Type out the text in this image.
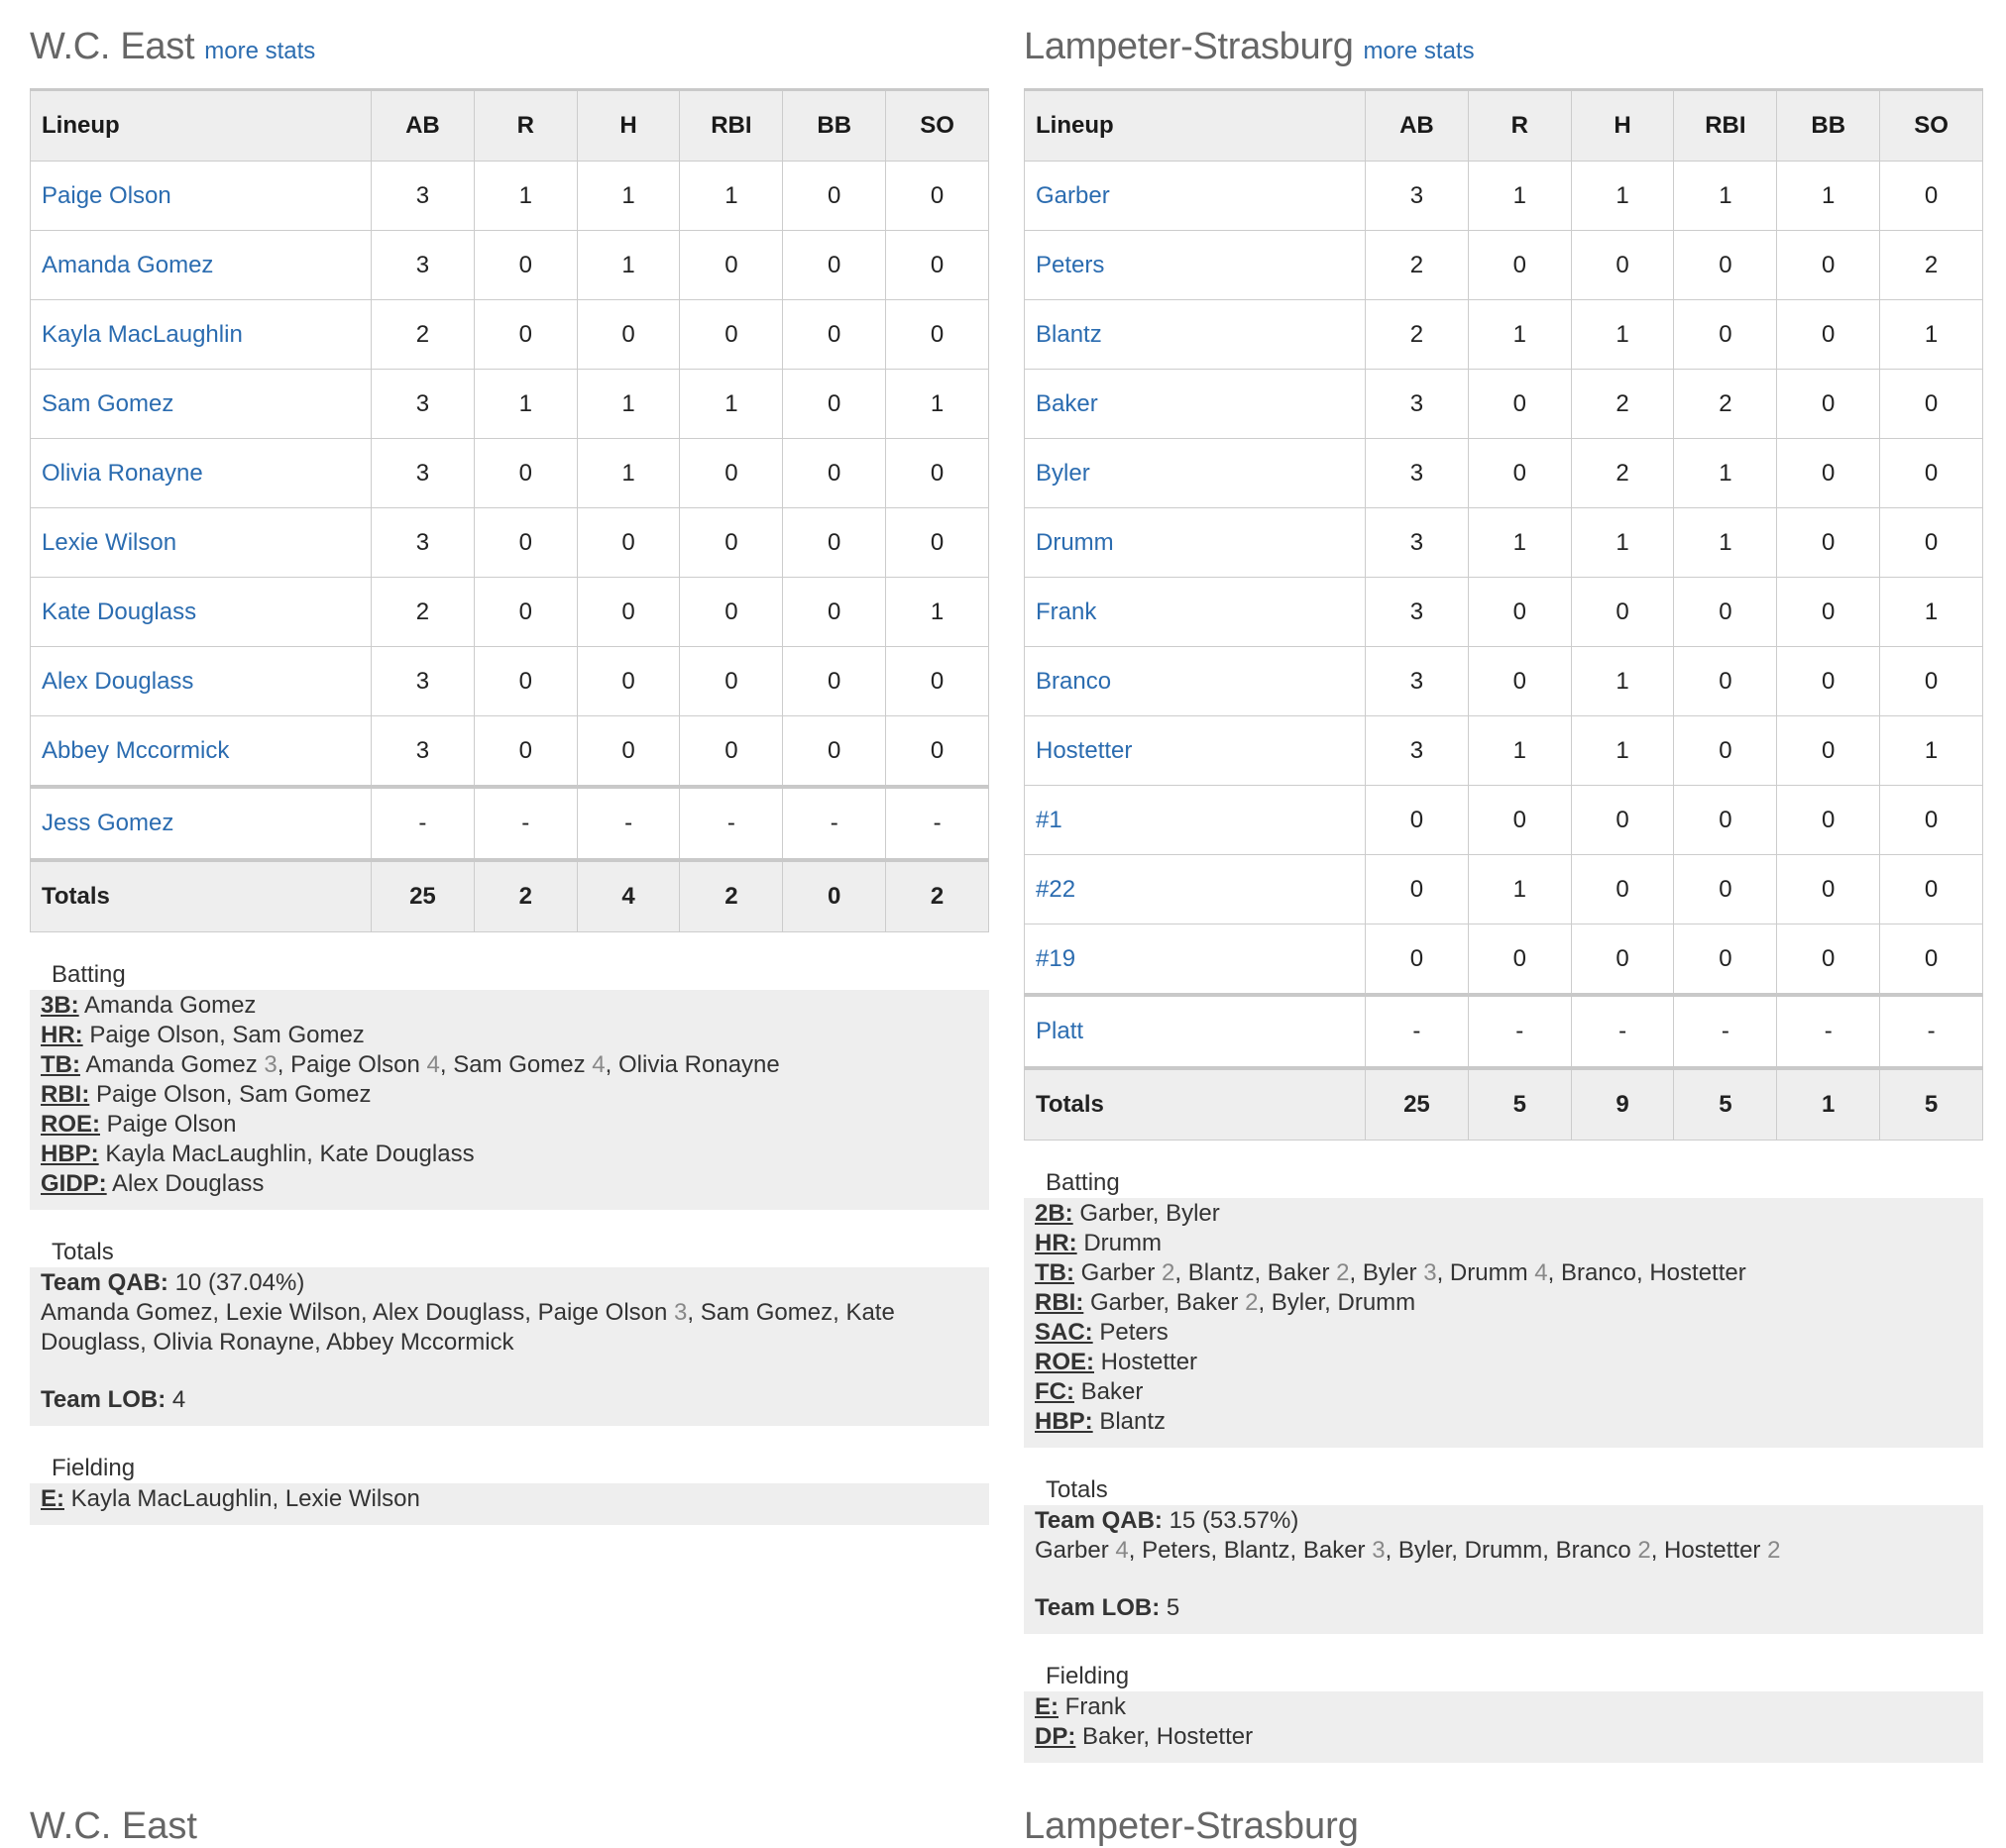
W.C. East more stats
Lineup	AB	R	H	RBI	BB	SO
Paige Olson	3	1	1	1	0	0
Amanda Gomez	3	0	1	0	0	0
Kayla MacLaughlin	2	0	0	0	0	0
Sam Gomez	3	1	1	1	0	1
Olivia Ronayne	3	0	1	0	0	0
Lexie Wilson	3	0	0	0	0	0
Kate Douglass	2	0	0	0	0	1
Alex Douglass	3	0	0	0	0	0
Abbey Mccormick	3	0	0	0	0	0
Jess Gomez	-	-	-	-	-	-
Totals	25	2	4	2	0	2
Batting
3B: Amanda Gomez
HR: Paige Olson, Sam Gomez
TB: Amanda Gomez 3, Paige Olson 4, Sam Gomez 4, Olivia Ronayne
RBI: Paige Olson, Sam Gomez
ROE: Paige Olson
HBP: Kayla MacLaughlin, Kate Douglass
GIDP: Alex Douglass
Totals
Team QAB: 10 (37.04%)
Amanda Gomez, Lexie Wilson, Alex Douglass, Paige Olson 3, Sam Gomez, Kate Douglass, Olivia Ronayne, Abbey Mccormick
Team LOB: 4
Fielding
E: Kayla MacLaughlin, Lexie Wilson
Lampeter-Strasburg more stats
Lineup	AB	R	H	RBI	BB	SO
Garber	3	1	1	1	1	0
Peters	2	0	0	0	0	2
Blantz	2	1	1	0	0	1
Baker	3	0	2	2	0	0
Byler	3	0	2	1	0	0
Drumm	3	1	1	1	0	0
Frank	3	0	0	0	0	1
Branco	3	0	1	0	0	0
Hostetter	3	1	1	0	0	1
#1	0	0	0	0	0	0
#22	0	1	0	0	0	0
#19	0	0	0	0	0	0
Platt	-	-	-	-	-	-
Totals	25	5	9	5	1	5
Batting
2B: Garber, Byler
HR: Drumm
TB: Garber 2, Blantz, Baker 2, Byler 3, Drumm 4, Branco, Hostetter
RBI: Garber, Baker 2, Byler, Drumm
SAC: Peters
ROE: Hostetter
FC: Baker
HBP: Blantz
Totals
Team QAB: 15 (53.57%)
Garber 4, Peters, Blantz, Baker 3, Byler, Drumm, Branco 2, Hostetter 2
Team LOB: 5
Fielding
E: Frank
DP: Baker, Hostetter
W.C. East	Lampeter-Strasburg
